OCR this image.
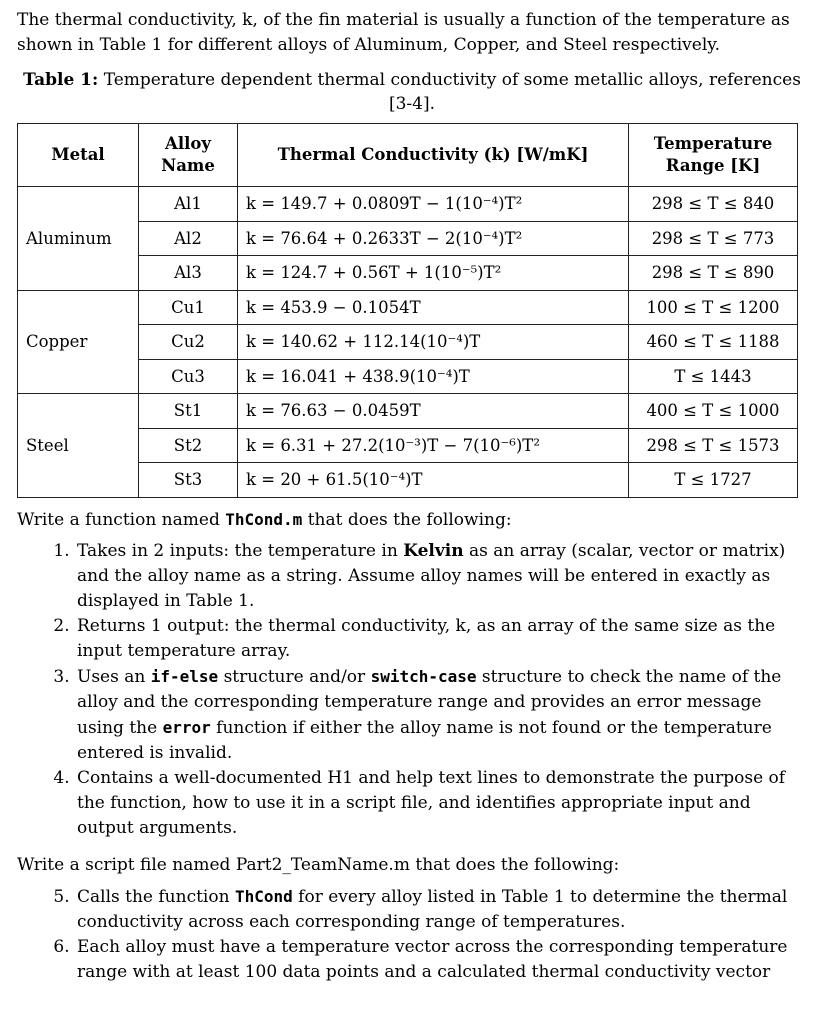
The thermal conductivity, k, of the fin material is usually a function of the temperature as shown in Table 1 for different alloys of Aluminum, Copper, and Steel respectively.

Table 1: Temperature dependent thermal conductivity of some metallic alloys, references [3-4].

Metal	Alloy Name	Thermal Conductivity (k) [W/mK]	Temperature Range [K]
Aluminum	Al1	k = 149.7 + 0.0809T − 1(10⁻⁴)T²	298 ≤ T ≤ 840
	Al2	k = 76.64 + 0.2633T − 2(10⁻⁴)T²	298 ≤ T ≤ 773
	Al3	k = 124.7 + 0.56T + 1(10⁻⁵)T²	298 ≤ T ≤ 890
Copper	Cu1	k = 453.9 − 0.1054T	100 ≤ T ≤ 1200
	Cu2	k = 140.62 + 112.14(10⁻⁴)T	460 ≤ T ≤ 1188
	Cu3	k = 16.041 + 438.9(10⁻⁴)T	T ≤ 1443
Steel	St1	k = 76.63 − 0.0459T	400 ≤ T ≤ 1000
	St2	k = 6.31 + 27.2(10⁻³)T − 7(10⁻⁶)T²	298 ≤ T ≤ 1573
	St3	k = 20 + 61.5(10⁻⁴)T	T ≤ 1727

Write a function named ThCond.m that does the following:

1. Takes in 2 inputs: the temperature in Kelvin as an array (scalar, vector or matrix) and the alloy name as a string. Assume alloy names will be entered in exactly as displayed in Table 1.
2. Returns 1 output: the thermal conductivity, k, as an array of the same size as the input temperature array.
3. Uses an if-else structure and/or switch-case structure to check the name of the alloy and the corresponding temperature range and provides an error message using the error function if either the alloy name is not found or the temperature entered is invalid.
4. Contains a well-documented H1 and help text lines to demonstrate the purpose of the function, how to use it in a script file, and identifies appropriate input and output arguments.

Write a script file named Part2_TeamName.m that does the following:

5. Calls the function ThCond for every alloy listed in Table 1 to determine the thermal conductivity across each corresponding range of temperatures.
6. Each alloy must have a temperature vector across the corresponding temperature range with at least 100 data points and a calculated thermal conductivity vector
